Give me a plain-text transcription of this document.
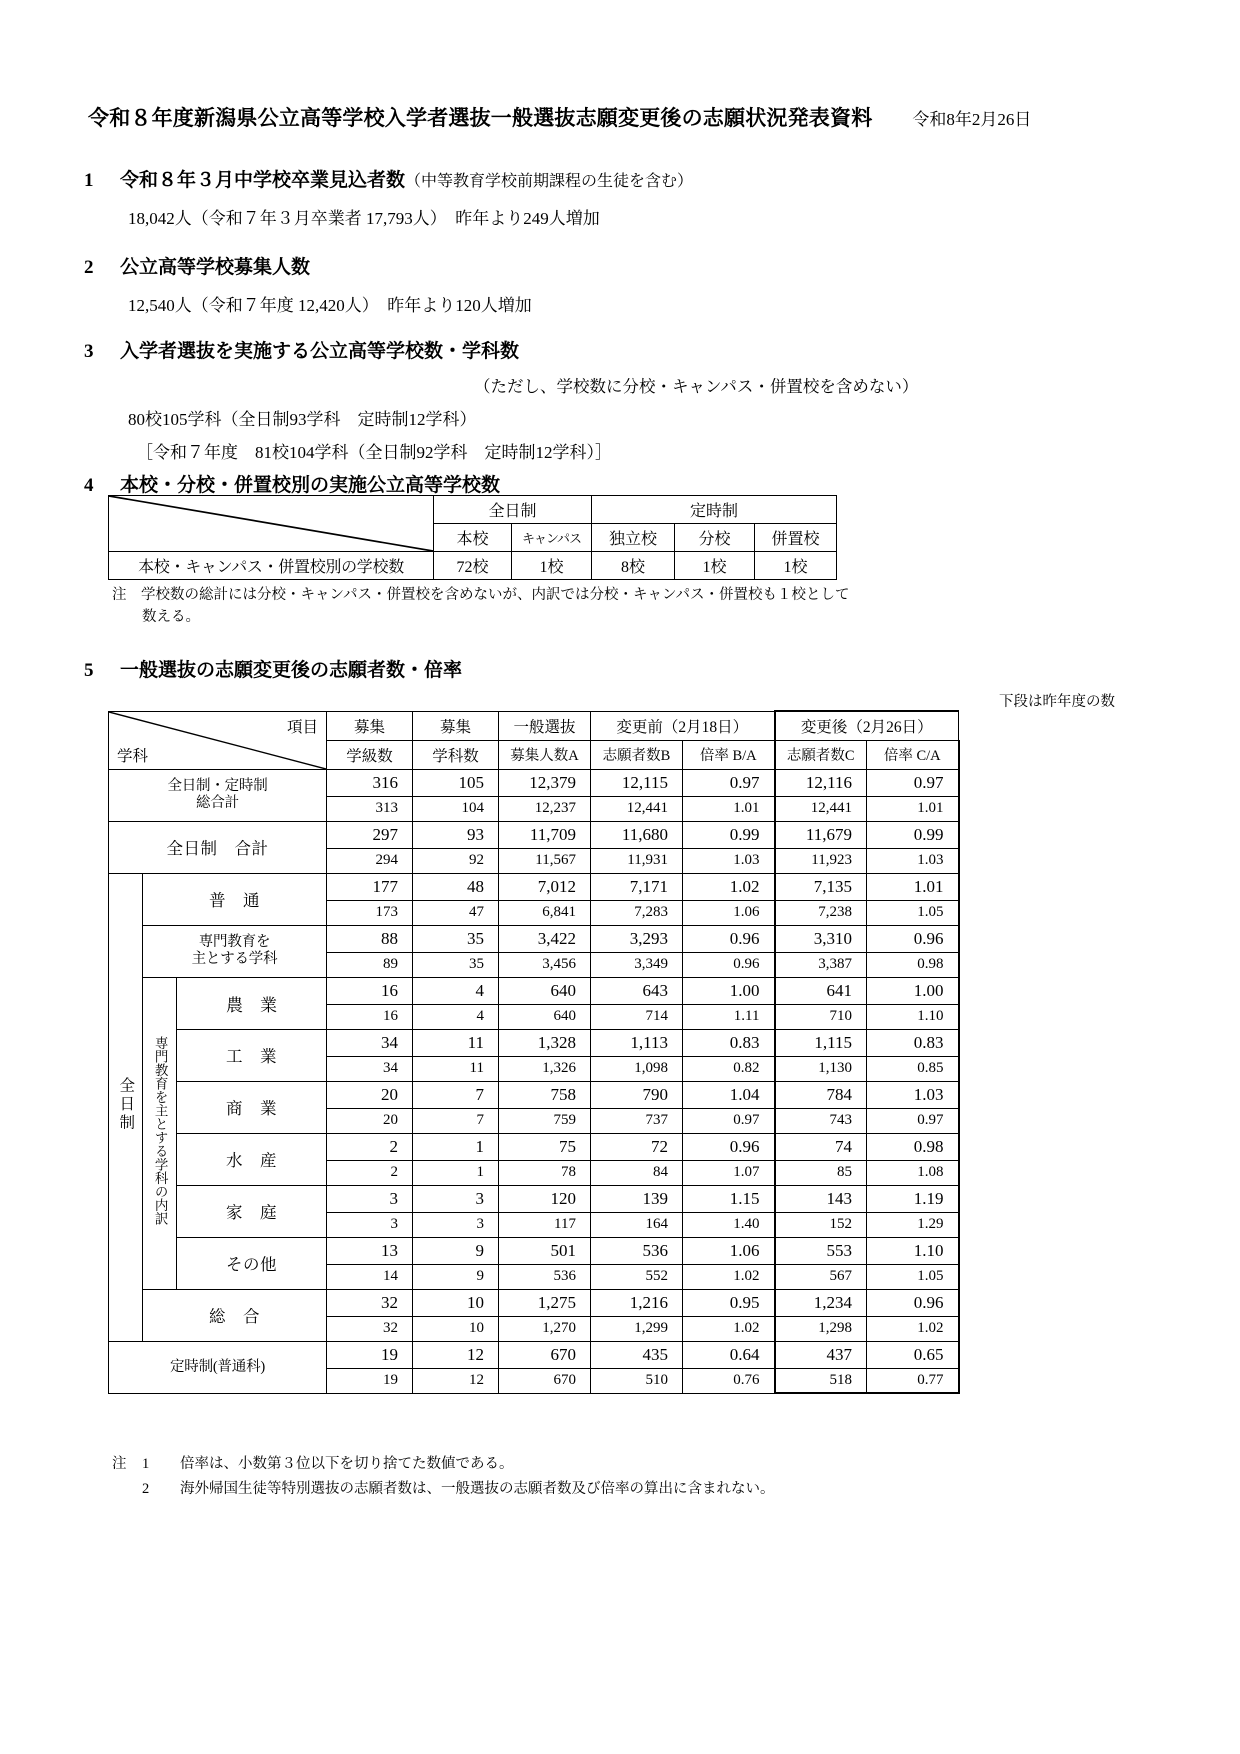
令和８年度新潟県公立高等学校入学者選抜一般選抜志願変更後の志願状況発表資料 令和8年2月26日
1	令和８年３月中学校卒業見込者数 （中等教育学校前期課程の生徒を含む）
18,042人（令和７年３月卒業者 17,793人）　昨年より249人増加
2	公立高等学校募集人数
12,540人（令和７年度 12,420人）　昨年より120人増加
3	入学者選抜を実施する公立高等学校数・学科数
（ただし、学校数に分校・キャンパス・併置校を含めない）
80校105学科（全日制93学科　定時制12学科）
［令和７年度　81校104学科（全日制92学科　定時制12学科）］
4	本校・分校・併置校別の実施公立高等学校数
	全日制		定時制		
	本校	キャンパス	独立校	分校	併置校
本校・キャンパス・併置校別の学校数	72校	1校	8校	1校	1校
注　学校数の総計には分校・キャンパス・併置校を含めないが、内訳では分校・キャンパス・併置校も１校として
数える。
5	一般選抜の志願変更後の志願者数・倍率
下段は昨年度の数
項目
学科			募集	募集	一般選抜	変更前（2月18日）		変更後（2月26日）	
			学級数	学科数	募集人数A	志願者数B	倍率 B/A	志願者数C	倍率 C/A

全日制・定時制
総合計			316	105	12,379	12,115	0.97	12,116	0.97
			313	104	12,237	12,441	1.01	12,441	1.01
全日制　合計			297	93	11,709	11,680	0.99	11,679	0.99
			294	92	11,567	11,931	1.03	11,923	1.03
全日制	普　通		177	48	7,012	7,171	1.02	7,135	1.01
			173	47	6,841	7,283	1.06	7,238	1.05

	専門教育を
主とする学科		88	35	3,422	3,293	0.96	3,310	0.96
			89	35	3,456	3,349	0.96	3,387	0.98
	専門教育を主とする学科の内訳	農　業	16	4	640	643	1.00	641	1.00
			16	4	640	714	1.11	710	1.10
		工　業	34	11	1,328	1,113	0.83	1,115	0.83
			34	11	1,326	1,098	0.82	1,130	0.85
		商　業	20	7	758	790	1.04	784	1.03
			20	7	759	737	0.97	743	0.97
		水　産	2	1	75	72	0.96	74	0.98
			2	1	78	84	1.07	85	1.08
		家　庭	3	3	120	139	1.15	143	1.19
			3	3	117	164	1.40	152	1.29
		その他	13	9	501	536	1.06	553	1.10
			14	9	536	552	1.02	567	1.05
	総　合		32	10	1,275	1,216	0.95	1,234	0.96
			32	10	1,270	1,299	1.02	1,298	1.02
定時制(普通科)			19	12	670	435	0.64	437	0.65
			19	12	670	510	0.76	518	0.77
注	1	倍率は、小数第３位以下を切り捨てた数値である。
2	海外帰国生徒等特別選抜の志願者数は、一般選抜の志願者数及び倍率の算出に含まれない。
